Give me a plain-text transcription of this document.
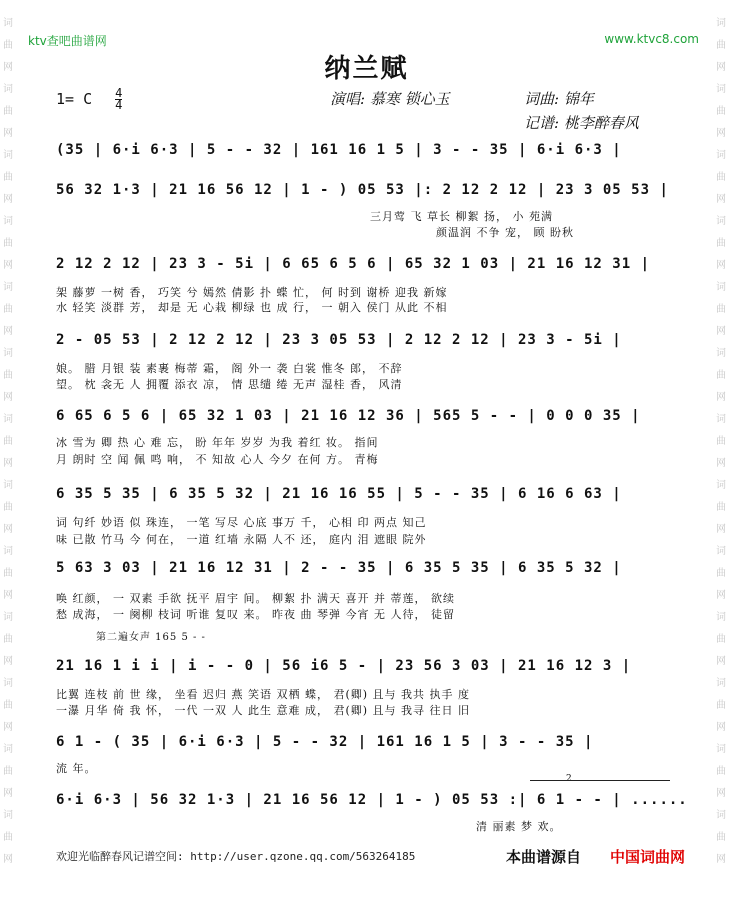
词
曲
网
词
曲
网
词
曲
网
词
曲
网
词
曲
网
词
曲
网
词
曲
网
词
曲
网
词
曲
网
词
曲
网
词
曲
网
词
曲
网
词
曲
网
词
曲
网
词
曲
网
词
曲
网
词
曲
网
词
曲
网
词
曲
网
词
曲
网
词
曲
网
词
曲
网
词
曲
网
词
曲
网
词
曲
网
词
曲
网
ktv查吧曲谱网	www.ktvc8.com
纳兰赋
1= C $\frac{4}{4}$	演唱: 慕寒 锁心玉	词曲: 锦年
记谱: 桃李醉春风
(35 | 6·i 6·3 | 5 - - 32 | 161 16 1 5 | 3 - - 35 | 6·i 6·3 |
56 32 1·3 | 21 16 56 12 | 1 - ) 05 53 |: 2 12 2 12 | 23 3 05 53 |
三月莺 飞 草长 柳絮 扬， 小 苑满
颜温润 不争 宠， 顾 盼秋
2 12 2 12 | 23 3 - 5i | 6 65 6 5 6 | 65 32 1 03 | 21 16 12 31 |
架 藤萝 一树 香， 巧笑 兮 嫣然 倩影 扑 蝶 忙， 何 时到 谢桥 迎我 新嫁
水 轻笑 淡群 芳， 却是 无 心栽 柳绿 也 成 行， 一 朝入 侯门 从此 不相
2 - 05 53 | 2 12 2 12 | 23 3 05 53 | 2 12 2 12 | 23 3 - 5i |
娘。 腊 月银 装 素裹 梅蒂 霜， 阁 外一 袭 白裳 惟冬 郎， 不辞
望。 枕 衾无 人 拥覆 添衣 凉， 情 思缱 绻 无声 湿桂 香， 风清
6 65 6 5 6 | 65 32 1 03 | 21 16 12 36 | 565 5 - - | 0 0 0 35 |
冰 雪为 卿 热 心 难 忘， 盼 年年 岁岁 为我 着红 妆。 指间
月 朗时 空 闻 佩 鸣 响， 不 知故 心人 今夕 在何 方。 青梅
6 35 5 35 | 6 35 5 32 | 21 16 16 55 | 5 - - 35 | 6 16 6 63 |
词 句纤 妙语 似 珠连， 一笔 写尽 心底 事万 千， 心相 印 两点 知己
味 已散 竹马 今 何在， 一道 红墙 永隔 人不 还， 庭内 泪 遮眼 院外
5 63 3 03 | 21 16 12 31 | 2 - - 35 | 6 35 5 35 | 6 35 5 32 |
唤 红颜， 一 双素 手欲 抚平 眉宇 间。 柳絮 扑 满天 喜开 并 蒂莲， 欲续
愁 成海， 一 阕柳 枝词 听谁 复叹 来。 昨夜 曲 琴弹 今宵 无 人待， 徒留
第二遍女声 165 5 - -
21 16 1 i i | i - - 0 | 56 i6 5 - | 23 56 3 03 | 21 16 12 3 |
比翼 连枝 前 世 缘， 坐看 迟归 燕 笑语 双栖 蝶， 君(卿) 且与 我共 执手 度
一瀑 月华 倚 我 怀， 一代 一双 人 此生 意难 成， 君(卿) 且与 我寻 往日 旧
6 1 - ( 35 | 6·i 6·3 | 5 - - 32 | 161 16 1 5 | 3 - - 35 |
流 年。
2
6·i 6·3 | 56 32 1·3 | 21 16 56 12 | 1 - ) 05 53 :| 6 1 - - | ......
清 丽素 梦 欢。
欢迎光临醉春风记谱空间: http://user.qzone.qq.com/563264185	本曲谱源自 中国词曲网
